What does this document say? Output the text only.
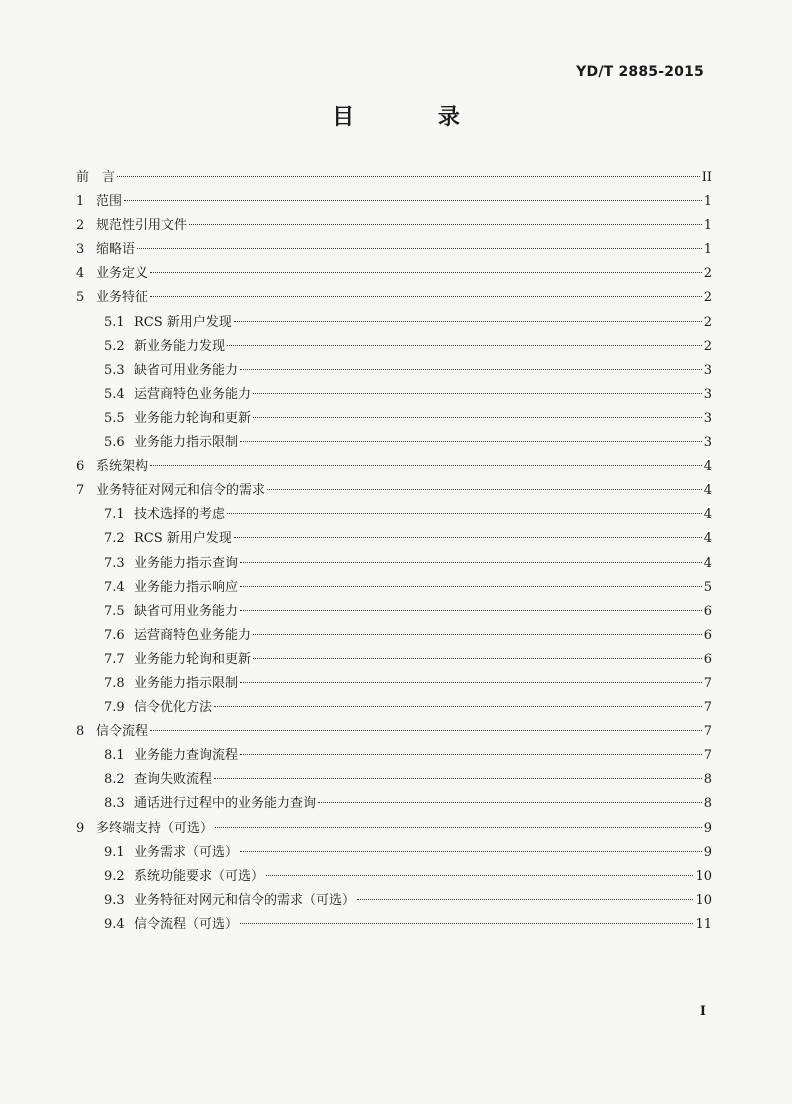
YD/T 2885-2015
目 录
前　言	II
1 范围	1
2 规范性引用文件	1
3 缩略语	1
4 业务定义	2
5 业务特征	2
5.1 RCS 新用户发现	2
5.2 新业务能力发现	2
5.3 缺省可用业务能力	3
5.4 运营商特色业务能力	3
5.5 业务能力轮询和更新	3
5.6 业务能力指示限制	3
6 系统架构	4
7 业务特征对网元和信令的需求	4
7.1 技术选择的考虑	4
7.2 RCS 新用户发现	4
7.3 业务能力指示查询	4
7.4 业务能力指示响应	5
7.5 缺省可用业务能力	6
7.6 运营商特色业务能力	6
7.7 业务能力轮询和更新	6
7.8 业务能力指示限制	7
7.9 信令优化方法	7
8 信令流程	7
8.1 业务能力查询流程	7
8.2 查询失败流程	8
8.3 通话进行过程中的业务能力查询	8
9 多终端支持（可选）	9
9.1 业务需求（可选）	9
9.2 系统功能要求（可选）	10
9.3 业务特征对网元和信令的需求（可选）	10
9.4 信令流程（可选）	11
I
